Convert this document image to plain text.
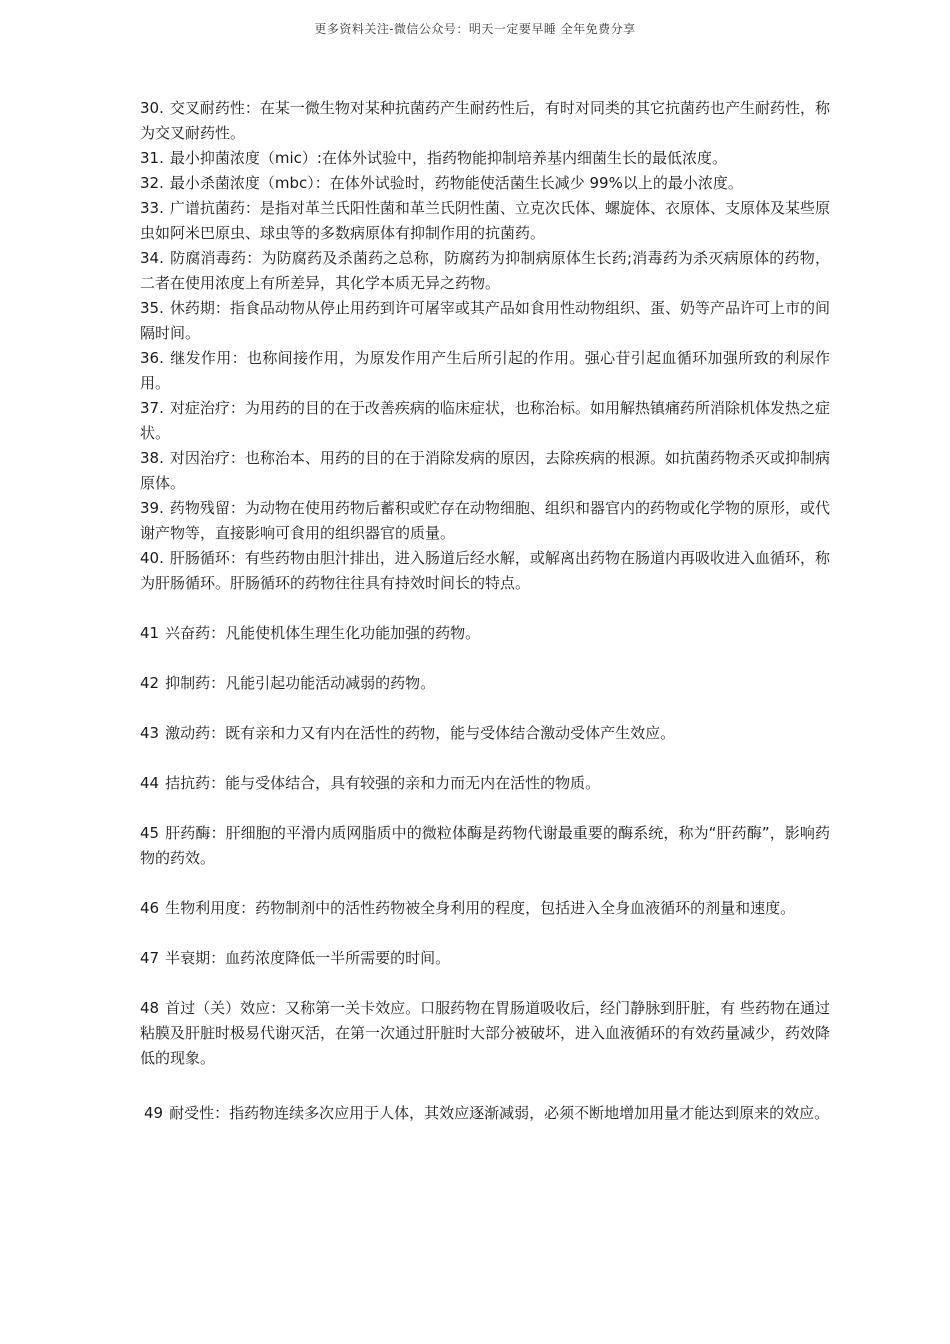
更多资料关注-微信公众号：明天一定要早睡 全年免费分享

30. 交叉耐药性：在某一微生物对某种抗菌药产生耐药性后，有时对同类的其它抗菌药也产生耐药性，称为交叉耐药性。

31. 最小抑菌浓度（mic）:在体外试验中，指药物能抑制培养基内细菌生长的最低浓度。

32. 最小杀菌浓度（mbc）：在体外试验时，药物能使活菌生长减少 99%以上的最小浓度。

33. 广谱抗菌药：是指对革兰氏阳性菌和革兰氏阴性菌、立克次氏体、螺旋体、衣原体、支原体及某些原虫如阿米巴原虫、球虫等的多数病原体有抑制作用的抗菌药。

34. 防腐消毒药：为防腐药及杀菌药之总称，防腐药为抑制病原体生长药;消毒药为杀灭病原体的药物，二者在使用浓度上有所差异，其化学本质无异之药物。

35. 休药期：指食品动物从停止用药到许可屠宰或其产品如食用性动物组织、蛋、奶等产品许可上市的间隔时间。

36. 继发作用：也称间接作用，为原发作用产生后所引起的作用。强心苷引起血循环加强所致的利尿作用。

37. 对症治疗：为用药的目的在于改善疾病的临床症状，也称治标。如用解热镇痛药所消除机体发热之症状。

38. 对因治疗：也称治本、用药的目的在于消除发病的原因，去除疾病的根源。如抗菌药物杀灭或抑制病原体。

39. 药物残留：为动物在使用药物后蓄积或贮存在动物细胞、组织和器官内的药物或化学物的原形，或代谢产物等，直接影响可食用的组织器官的质量。

40. 肝肠循环：有些药物由胆汁排出，进入肠道后经水解，或解离出药物在肠道内再吸收进入血循环，称为肝肠循环。肝肠循环的药物往往具有持效时间长的特点。

41 兴奋药：凡能使机体生理生化功能加强的药物。

42 抑制药：凡能引起功能活动减弱的药物。

43 激动药：既有亲和力又有内在活性的药物，能与受体结合激动受体产生效应。

44 拮抗药：能与受体结合，具有较强的亲和力而无内在活性的物质。

45 肝药酶：肝细胞的平滑内质网脂质中的微粒体酶是药物代谢最重要的酶系统，称为“肝药酶”，影响药物的药效。

46 生物利用度：药物制剂中的活性药物被全身利用的程度，包括进入全身血液循环的剂量和速度。

47 半衰期：血药浓度降低一半所需要的时间。

48 首过（关）效应：又称第一关卡效应。口服药物在胃肠道吸收后，经门静脉到肝脏，有 些药物在通过粘膜及肝脏时极易代谢灭活，在第一次通过肝脏时大部分被破坏，进入血液循环的有效药量减少，药效降低的现象。

49 耐受性：指药物连续多次应用于人体，其效应逐渐减弱，必须不断地增加用量才能达到原来的效应。
